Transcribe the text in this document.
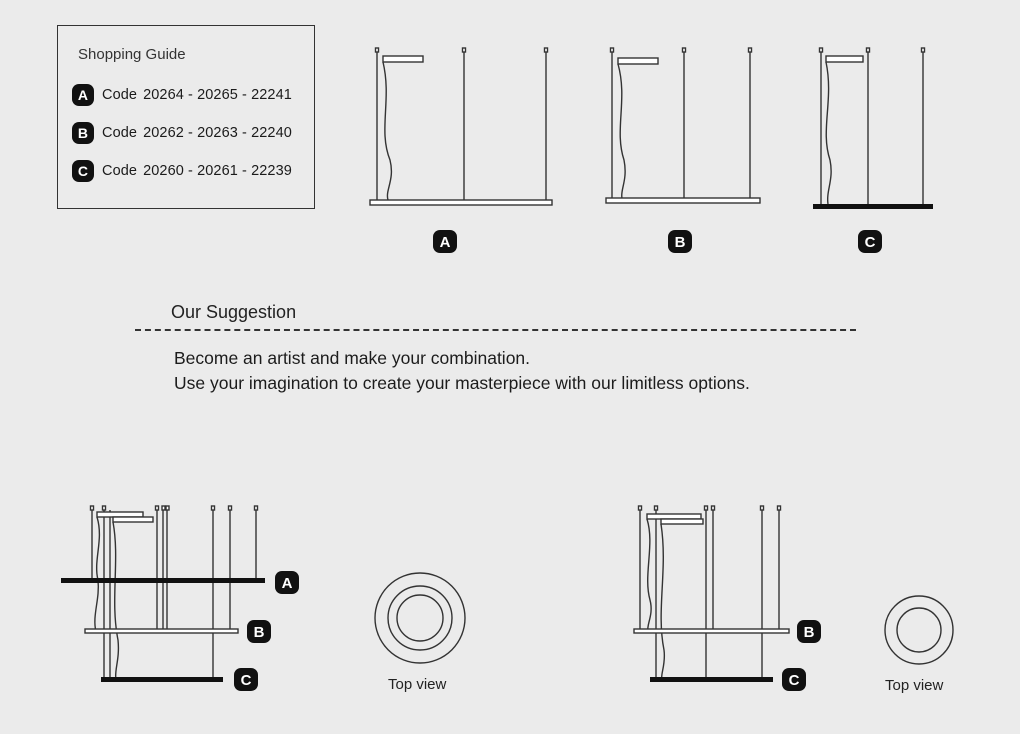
Shopping Guide
A Code 20264 - 20265 - 22241
B Code 20262 - 20263 - 22240
C Code 20260 - 20261 - 22239
A	B	C
A
B
C
B
C
Our Suggestion
Become an artist and make your combination.
Use your imagination to create your masterpiece with our limitless options.
Top view	Top view
